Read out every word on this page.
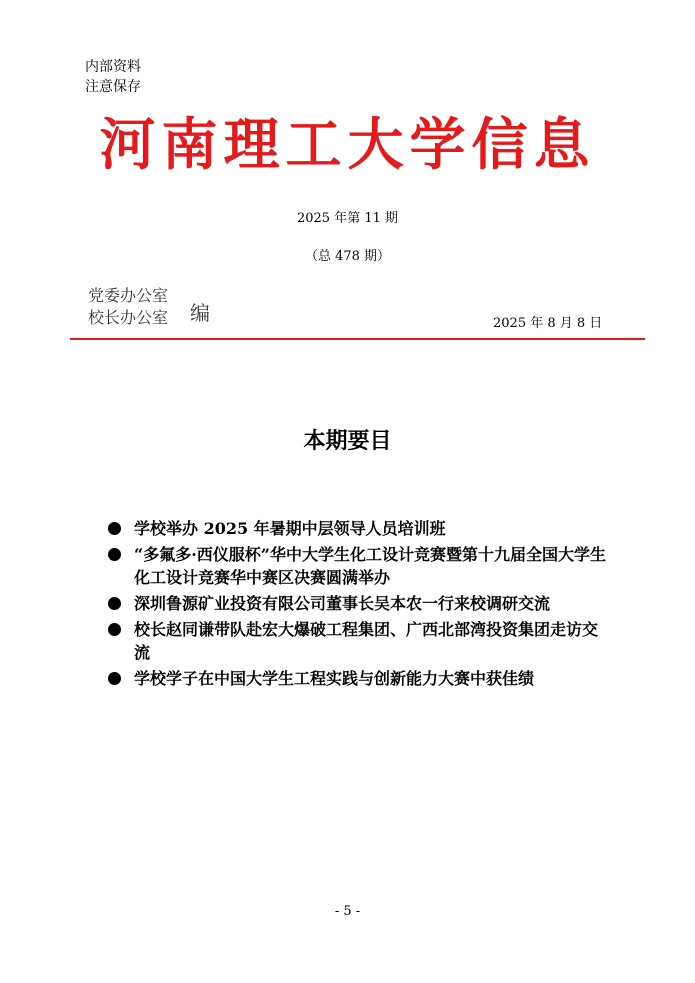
内部资料
注意保存
河南理工大学信息
2025 年第 11 期
（总 478 期）
党委办公室
校长办公室 编	2025 年 8 月 8 日
本期要目
学校举办 2025 年暑期中层领导人员培训班
“多氟多·西仪服杯”华中大学生化工设计竞赛暨第十九届全国大学生化工设计竞赛华中赛区决赛圆满举办
深圳鲁源矿业投资有限公司董事长吴本农一行来校调研交流
校长赵同谦带队赴宏大爆破工程集团、广西北部湾投资集团走访交流
学校学子在中国大学生工程实践与创新能力大赛中获佳绩
- 5 -
